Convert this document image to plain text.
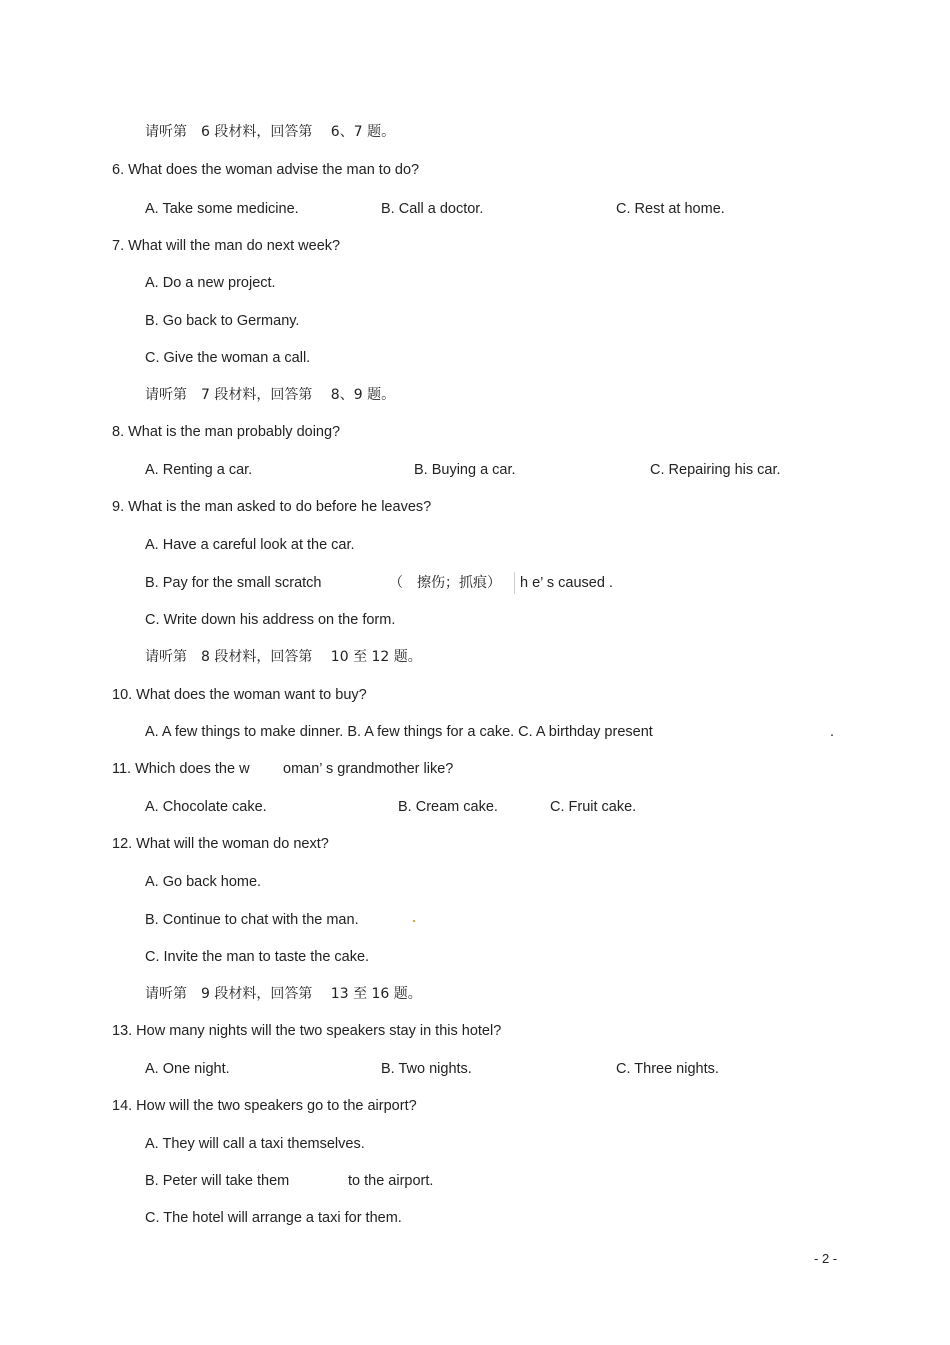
请听第　6 段材料，回答第　 6、7 题。
6. What does the woman advise the man to do?
A. Take some medicine.	B. Call a doctor.	C. Rest at home.
7. What will the man do next week?
A. Do a new project.
B. Go back to Germany.
C. Give the woman a call.
请听第　7 段材料，回答第　 8、9 题。
8. What is the man probably doing?
A. Renting a car.	B. Buying a car.	C. Repairing his car.
9. What is the man asked to do before he leaves?
A. Have a careful look at the car.
B. Pay for the small scratch	（　擦伤；抓痕） h e’ s caused .
C. Write down his address on the form.
请听第　8 段材料，回答第　 10 至 12 题。
10. What does the woman want to buy?
A. A few things to make dinner. B. A few things for a cake. C. A birthday present	.
11. Which does the w oman’ s grandmother like?
A. Chocolate cake.	B. Cream cake.	C. Fruit cake.
12. What will the woman do next?
A. Go back home.
B. Continue to chat with the man.
C. Invite the man to taste the cake.
请听第　9 段材料，回答第　 13 至 16 题。
13. How many nights will the two speakers stay in this hotel?
A. One night.	B. Two nights.	C. Three nights.
14. How will the two speakers go to the airport?
A. They will call a taxi themselves.
B. Peter will take them	to the airport.
C. The hotel will arrange a taxi for them.
- 2 -
